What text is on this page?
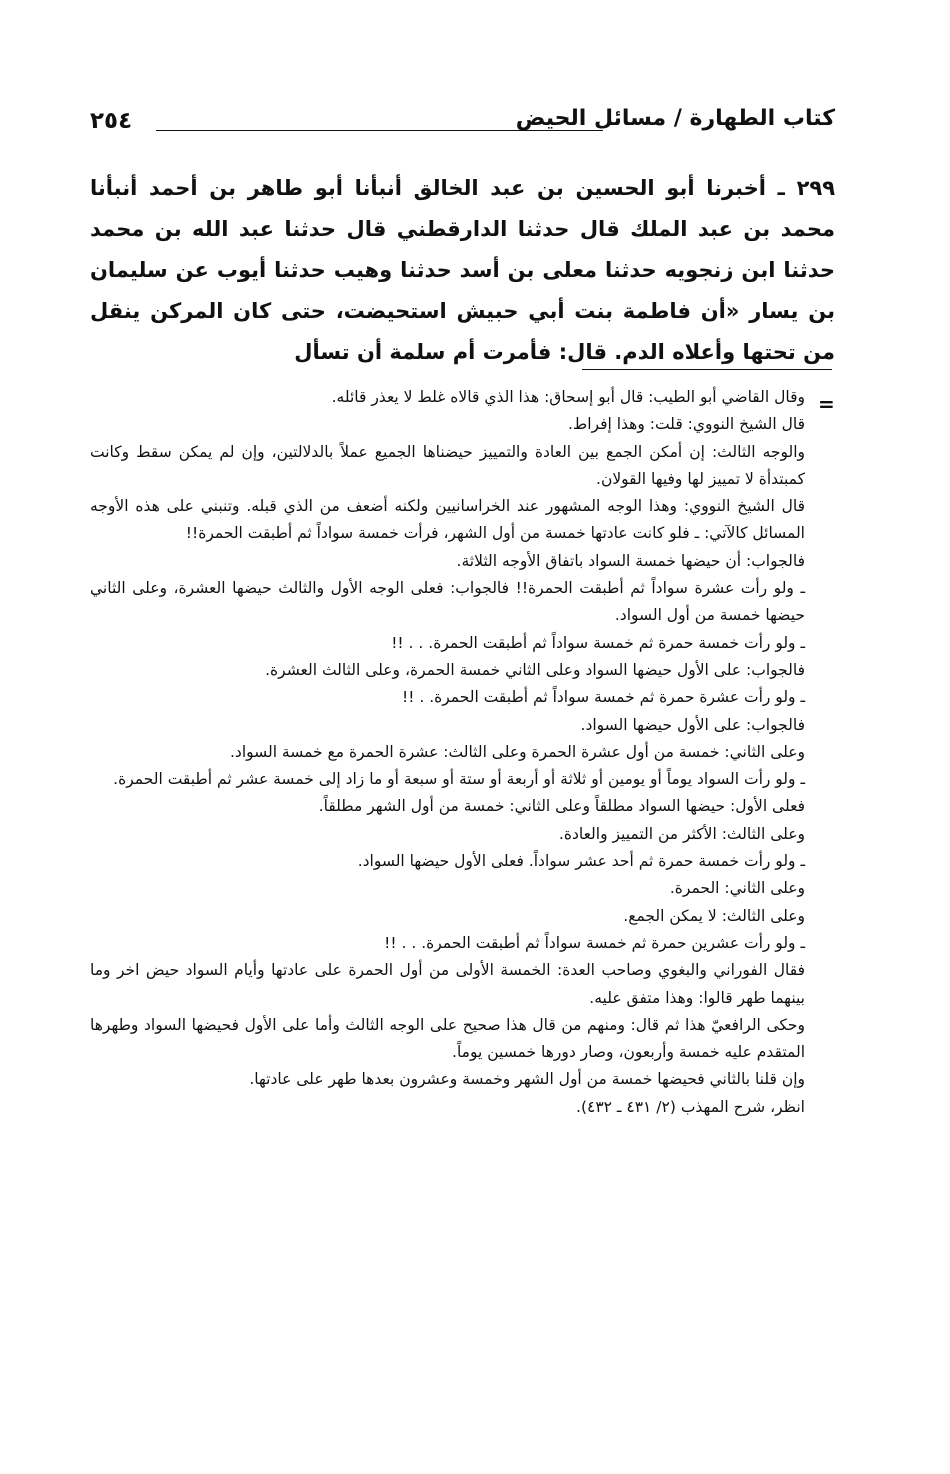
٢٥٤	كتاب الطهارة / مسائل الحيض
٢٩٩ ـ أخبرنا أبو الحسين بن عبد الخالق أنبأنا أبو طاهر بن أحمد أنبأنا محمد بن عبد الملك قال حدثنا الدارقطني قال حدثنا عبد الله بن محمد حدثنا ابن زنجويه حدثنا معلى بن أسد حدثنا وهيب حدثنا أيوب عن سليمان بن يسار «أن فاطمة بنت أبي حبيش استحيضت، حتى كان المركن ينقل من تحتها وأعلاه الدم. قال: فأمرت أم سلمة أن تسأل
=
وقال القاضي أبو الطيب: قال أبو إسحاق: هذا الذي قالاه غلط لا يعذر قائله.
قال الشيخ النووي: قلت: وهذا إفراط.
والوجه الثالث: إن أمكن الجمع بين العادة والتمييز حيضناها الجميع عملاً بالدلالتين، وإن لم يمكن سقط وكانت كمبتدأة لا تمييز لها وفيها القولان.
قال الشيخ النووي: وهذا الوجه المشهور عند الخراسانيين ولكنه أضعف من الذي قبله. وتنبني على هذه الأوجه المسائل كالآتي: ـ فلو كانت عادتها خمسة من أول الشهر، فرأت خمسة سواداً ثم أطبقت الحمرة!!
فالجواب: أن حيضها خمسة السواد باتفاق الأوجه الثلاثة.
ـ ولو رأت عشرة سواداً ثم أطبقت الحمرة!! فالجواب: فعلى الوجه الأول والثالث حيضها العشرة، وعلى الثاني حيضها خمسة من أول السواد.
ـ ولو رأت خمسة حمرة ثم خمسة سواداً ثم أطبقت الحمرة. . . !!
فالجواب: على الأول حيضها السواد وعلى الثاني خمسة الحمرة، وعلى الثالث العشرة.
ـ ولو رأت عشرة حمرة ثم خمسة سواداً ثم أطبقت الحمرة. . !!
فالجواب: على الأول حيضها السواد.
وعلى الثاني: خمسة من أول عشرة الحمرة وعلى الثالث: عشرة الحمرة مع خمسة السواد.
ـ ولو رأت السواد يوماً أو يومين أو ثلاثة أو أربعة أو ستة أو سبعة أو ما زاد إلى خمسة عشر ثم أطبقت الحمرة.
فعلى الأول: حيضها السواد مطلقاً وعلى الثاني: خمسة من أول الشهر مطلقاً.
وعلى الثالث: الأكثر من التمييز والعادة.
ـ ولو رأت خمسة حمرة ثم أحد عشر سواداً. فعلى الأول حيضها السواد.
وعلى الثاني: الحمرة.
وعلى الثالث: لا يمكن الجمع.
ـ ولو رأت عشرين حمرة ثم خمسة سواداً ثم أطبقت الحمرة. . . !!
فقال الفوراني والبغوي وصاحب العدة: الخمسة الأولى من أول الحمرة على عادتها وأيام السواد حيض اخر وما بينهما طهر قالوا: وهذا متفق عليه.
وحكى الرافعيّ هذا ثم قال: ومنهم من قال هذا صحيح على الوجه الثالث وأما على الأول فحيضها السواد وطهرها المتقدم عليه خمسة وأربعون، وصار دورها خمسين يوماً.
وإن قلنا بالثاني فحيضها خمسة من أول الشهر وخمسة وعشرون بعدها طهر على عادتها.
انظر، شرح المهذب (٢/ ٤٣١ ـ ٤٣٢).
